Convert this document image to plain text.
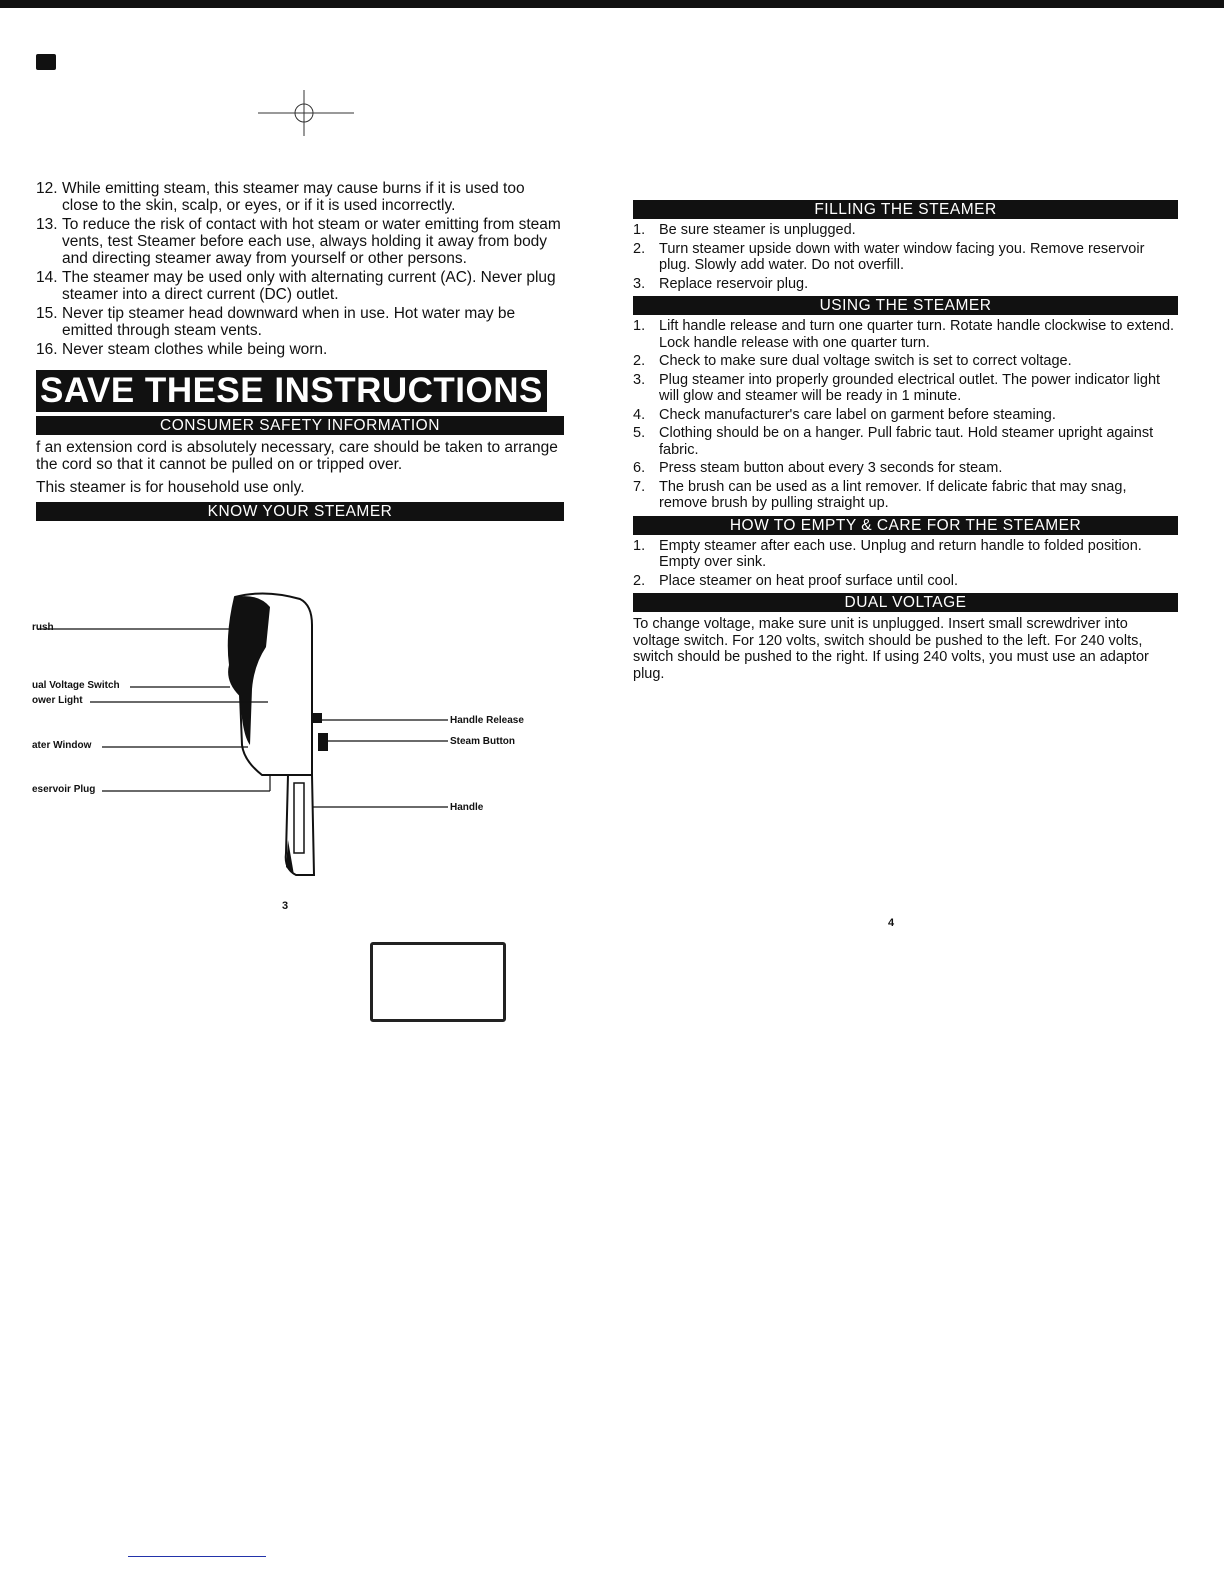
12. While emitting steam, this steamer may cause burns if it is used too close to the skin, scalp, or eyes, or if it is used incorrectly.
13. To reduce the risk of contact with hot steam or water emitting from steam vents, test Steamer before each use, always holding it away from body and directing steamer away from yourself or other persons.
14. The steamer may be used only with alternating current (AC). Never plug steamer into a direct current (DC) outlet.
15. Never tip steamer head downward when in use. Hot water may be emitted through steam vents.
16. Never steam clothes while being worn.
SAVE THESE INSTRUCTIONS
CONSUMER SAFETY INFORMATION
f an extension cord is absolutely necessary, care should be taken to arrange the cord so that it cannot be pulled on or tripped over.
This steamer is for household use only.
KNOW YOUR STEAMER
rush
ual Voltage Switch
ower Light
ater Window
eservoir Plug
Handle Release
Steam Button
Handle
3
FILLING THE STEAMER
1. Be sure steamer is unplugged.
2. Turn steamer upside down with water window facing you. Remove reservoir plug. Slowly add water. Do not overfill.
3. Replace reservoir plug.
USING THE STEAMER
1. Lift handle release and turn one quarter turn. Rotate handle clockwise to extend. Lock handle release with one quarter turn.
2. Check to make sure dual voltage switch is set to correct voltage.
3. Plug steamer into properly grounded electrical outlet. The power indicator light will glow and steamer will be ready in 1 minute.
4. Check manufacturer's care label on garment before steaming.
5. Clothing should be on a hanger. Pull fabric taut. Hold steamer upright against fabric.
6. Press steam button about every 3 seconds for steam.
7. The brush can be used as a lint remover. If delicate fabric that may snag, remove brush by pulling straight up.
HOW TO EMPTY & CARE FOR THE STEAMER
1. Empty steamer after each use. Unplug and return handle to folded position. Empty over sink.
2. Place steamer on heat proof surface until cool.
DUAL VOLTAGE
To change voltage, make sure unit is unplugged. Insert small screwdriver into voltage switch. For 120 volts, switch should be pushed to the left. For 240 volts, switch should be pushed to the right. If using 240 volts, you must use an adaptor plug.
4
